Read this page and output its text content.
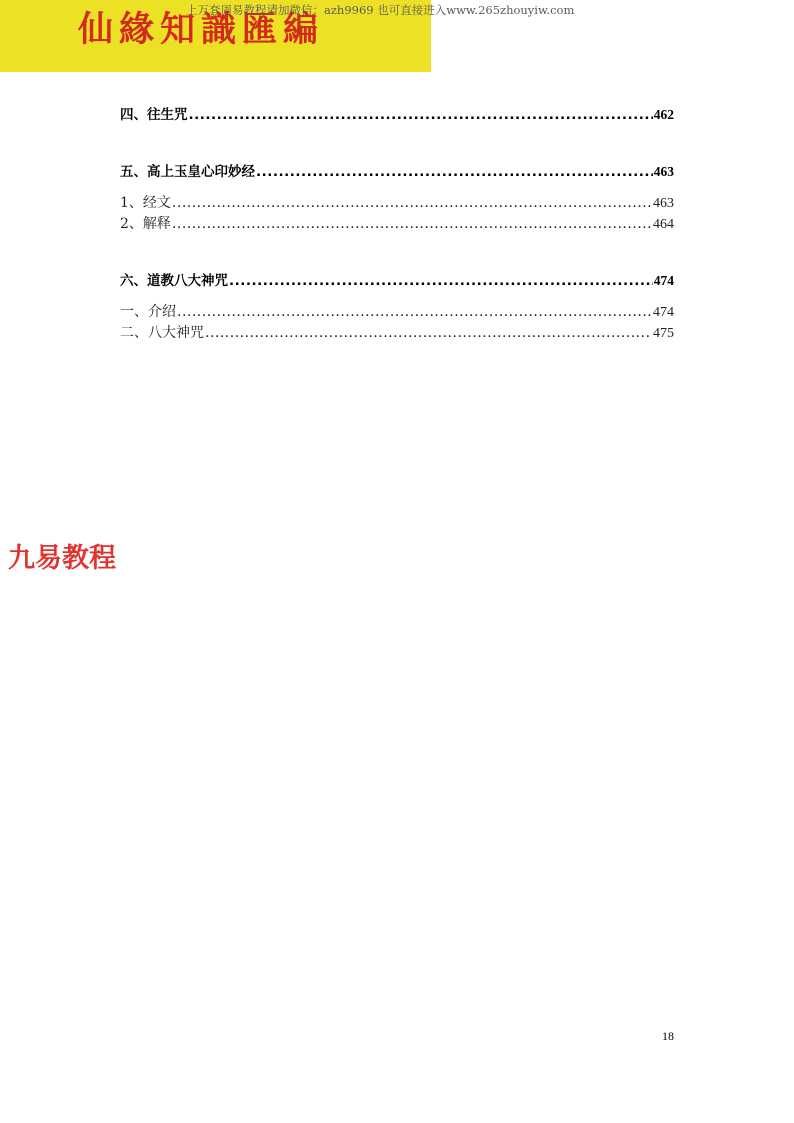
仙緣知識匯編
上万套周易教程请加微信：azh9969 也可直接进入www.265zhouyiw.com
四、往生咒 .....	462
五、高上玉皇心印妙经 .....	463
1、经文 .....	463
2、解释 .....	464
六、道教八大神咒 .....	474
一、介绍 .....	474
二、八大神咒 .....	475
九易教程
18
